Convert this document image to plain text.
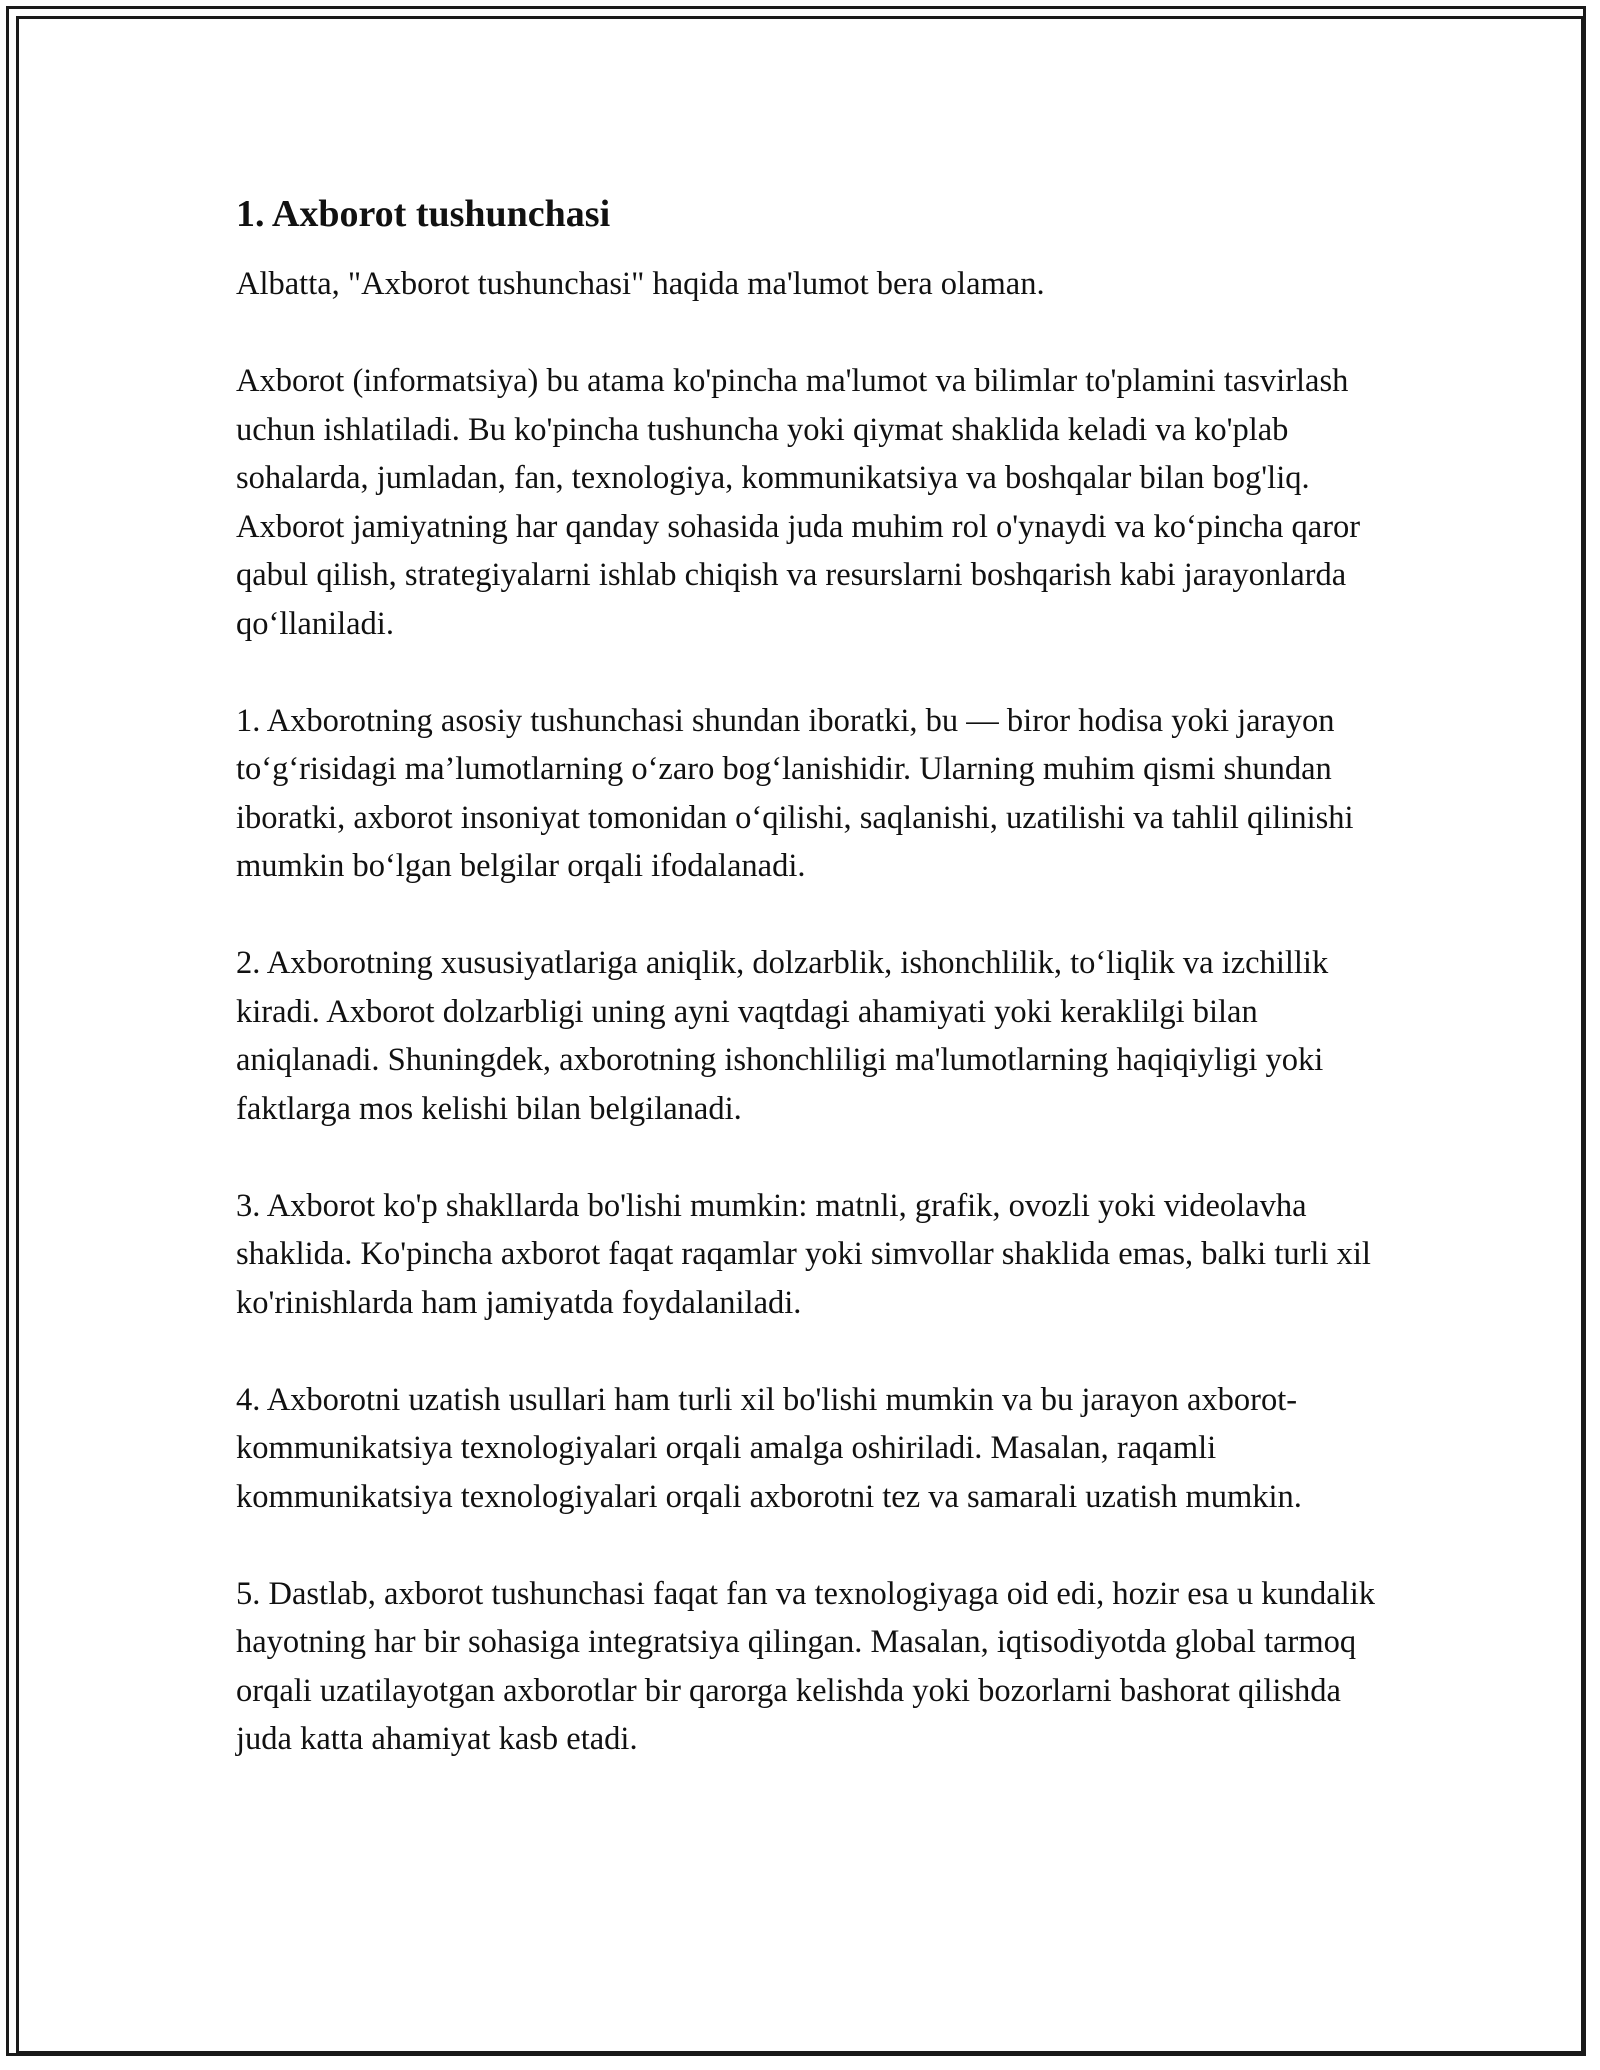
1. Axborot tushunchasi

Albatta, "Axborot tushunchasi" haqida ma'lumot bera olaman.

Axborot (informatsiya) bu atama ko'pincha ma'lumot va bilimlar to'plamini tasvirlash uchun ishlatiladi. Bu ko'pincha tushuncha yoki qiymat shaklida keladi va ko'plab sohalarda, jumladan, fan, texnologiya, kommunikatsiya va boshqalar bilan bog'liq. Axborot jamiyatning har qanday sohasida juda muhim rol o'ynaydi va ko‘pincha qaror qabul qilish, strategiyalarni ishlab chiqish va resurslarni boshqarish kabi jarayonlarda qo‘llaniladi.

1. Axborotning asosiy tushunchasi shundan iboratki, bu — biror hodisa yoki jarayon to‘g‘risidagi ma’lumotlarning o‘zaro bog‘lanishidir. Ularning muhim qismi shundan iboratki, axborot insoniyat tomonidan o‘qilishi, saqlanishi, uzatilishi va tahlil qilinishi mumkin bo‘lgan belgilar orqali ifodalanadi.

2. Axborotning xususiyatlariga aniqlik, dolzarblik, ishonchlilik, to‘liqlik va izchillik kiradi. Axborot dolzarbligi uning ayni vaqtdagi ahamiyati yoki keraklilgi bilan aniqlanadi. Shuningdek, axborotning ishonchliligi ma'lumotlarning haqiqiyligi yoki faktlarga mos kelishi bilan belgilanadi.

3. Axborot ko'p shakllarda bo'lishi mumkin: matnli, grafik, ovozli yoki videolavha shaklida. Ko'pincha axborot faqat raqamlar yoki simvollar shaklida emas, balki turli xil ko'rinishlarda ham jamiyatda foydalaniladi.

4. Axborotni uzatish usullari ham turli xil bo'lishi mumkin va bu jarayon axborot-kommunikatsiya texnologiyalari orqali amalga oshiriladi. Masalan, raqamli kommunikatsiya texnologiyalari orqali axborotni tez va samarali uzatish mumkin.

5. Dastlab, axborot tushunchasi faqat fan va texnologiyaga oid edi, hozir esa u kundalik hayotning har bir sohasiga integratsiya qilingan. Masalan, iqtisodiyotda global tarmoq orqali uzatilayotgan axborotlar bir qarorga kelishda yoki bozorlarni bashorat qilishda juda katta ahamiyat kasb etadi.
